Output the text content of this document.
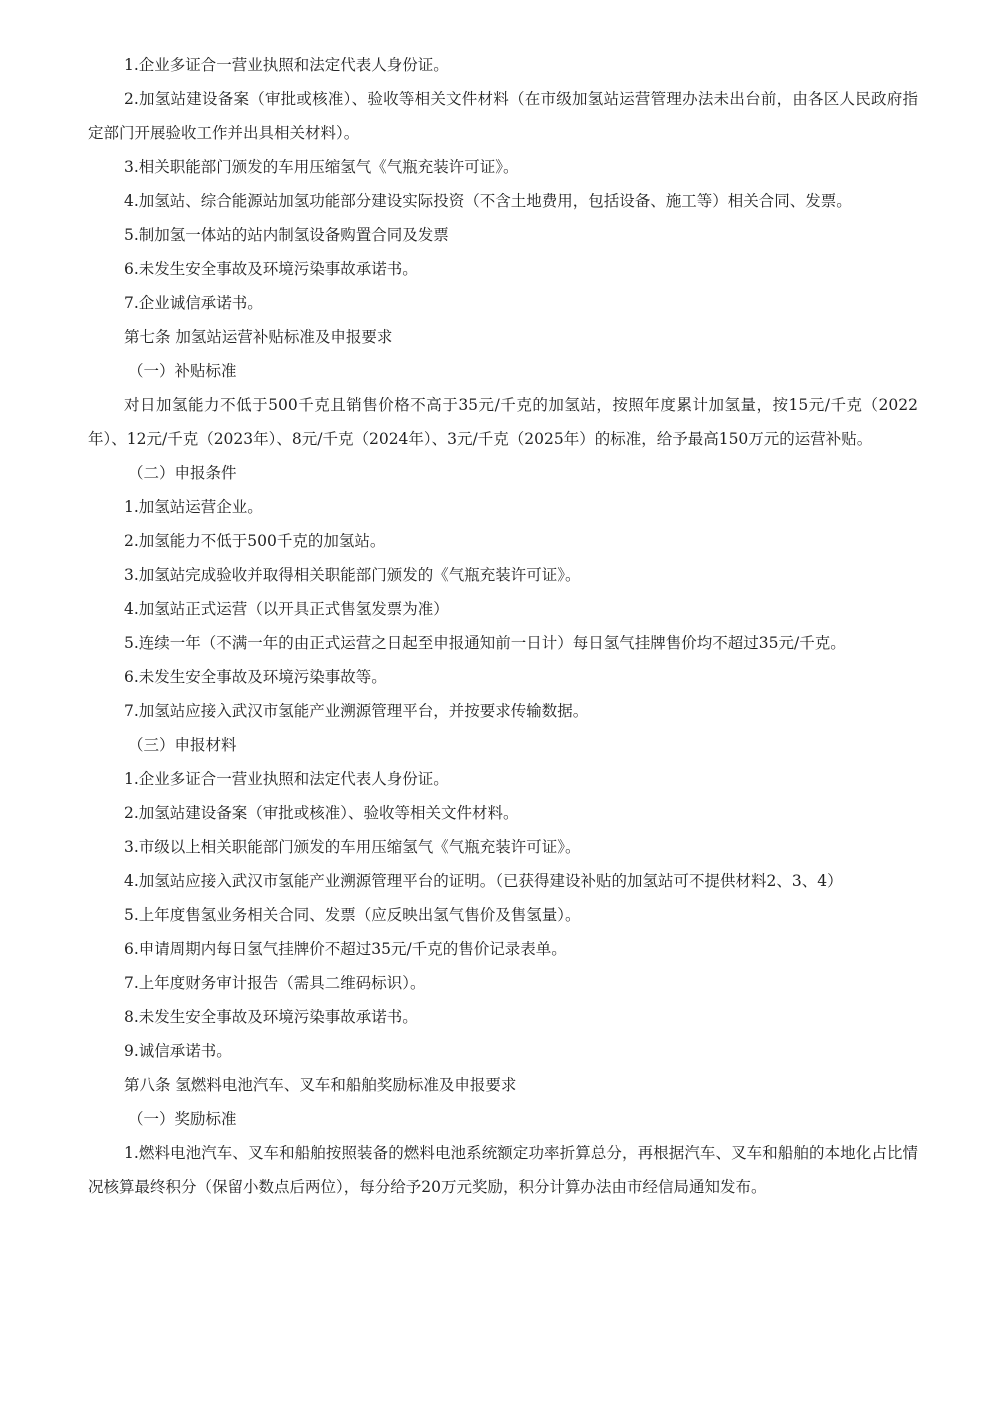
1.企业多证合一营业执照和法定代表人身份证。

2.加氢站建设备案（审批或核准）、验收等相关文件材料（在市级加氢站运营管理办法未出台前，由各区人民政府指定部门开展验收工作并出具相关材料）。

3.相关职能部门颁发的车用压缩氢气《气瓶充装许可证》。

4.加氢站、综合能源站加氢功能部分建设实际投资（不含土地费用，包括设备、施工等）相关合同、发票。

5.制加氢一体站的站内制氢设备购置合同及发票

6.未发生安全事故及环境污染事故承诺书。

7.企业诚信承诺书。

第七条 加氢站运营补贴标准及申报要求

（一）补贴标准

对日加氢能力不低于500千克且销售价格不高于35元/千克的加氢站，按照年度累计加氢量，按15元/千克（2022年）、12元/千克（2023年）、8元/千克（2024年）、3元/千克（2025年）的标准，给予最高150万元的运营补贴。

（二）申报条件

1.加氢站运营企业。

2.加氢能力不低于500千克的加氢站。

3.加氢站完成验收并取得相关职能部门颁发的《气瓶充装许可证》。

4.加氢站正式运营（以开具正式售氢发票为准）

5.连续一年（不满一年的由正式运营之日起至申报通知前一日计）每日氢气挂牌售价均不超过35元/千克。

6.未发生安全事故及环境污染事故等。

7.加氢站应接入武汉市氢能产业溯源管理平台，并按要求传输数据。

（三）申报材料

1.企业多证合一营业执照和法定代表人身份证。

2.加氢站建设备案（审批或核准）、验收等相关文件材料。

3.市级以上相关职能部门颁发的车用压缩氢气《气瓶充装许可证》。

4.加氢站应接入武汉市氢能产业溯源管理平台的证明。（已获得建设补贴的加氢站可不提供材料2、3、4）

5.上年度售氢业务相关合同、发票（应反映出氢气售价及售氢量）。

6.申请周期内每日氢气挂牌价不超过35元/千克的售价记录表单。

7.上年度财务审计报告（需具二维码标识）。

8.未发生安全事故及环境污染事故承诺书。

9.诚信承诺书。

第八条 氢燃料电池汽车、叉车和船舶奖励标准及申报要求

（一）奖励标准

1.燃料电池汽车、叉车和船舶按照装备的燃料电池系统额定功率折算总分，再根据汽车、叉车和船舶的本地化占比情况核算最终积分（保留小数点后两位），每分给予20万元奖励，积分计算办法由市经信局通知发布。
